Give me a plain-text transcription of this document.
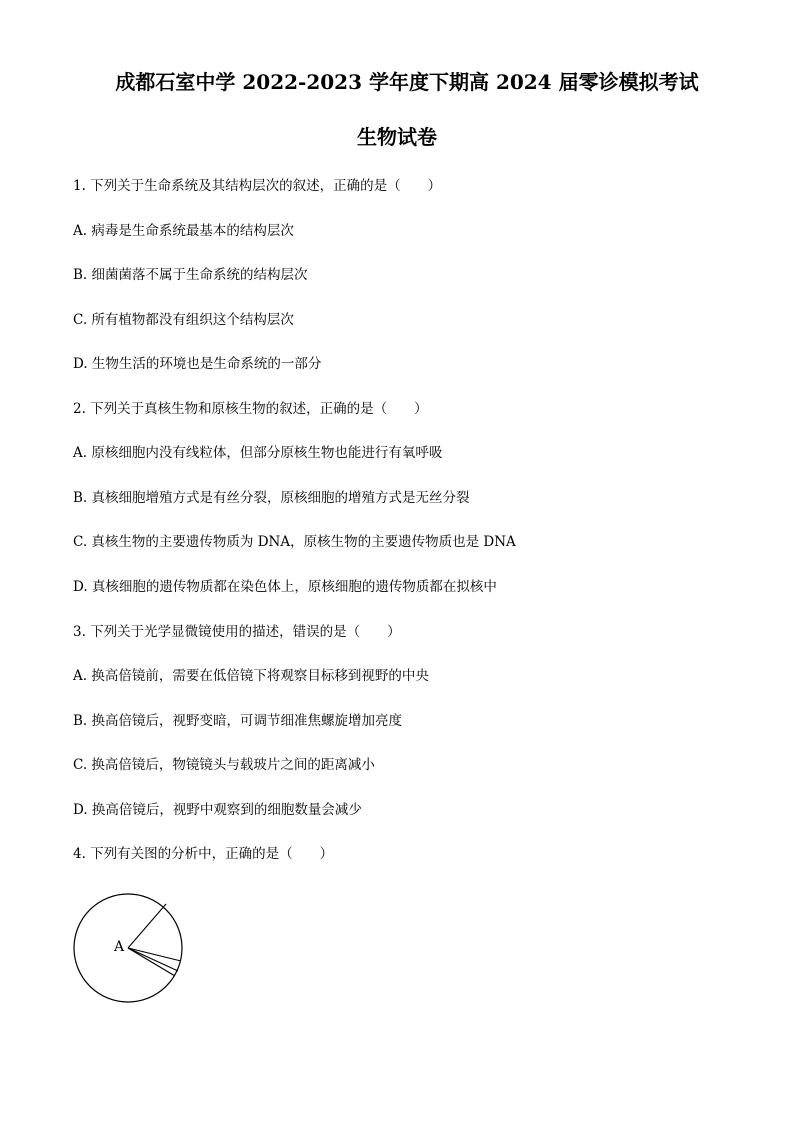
成都石室中学 2022-2023 学年度下期高 2024 届零诊模拟考试
生物试卷
1. 下列关于生命系统及其结构层次的叙述，正确的是（　　）
A. 病毒是生命系统最基本的结构层次
B. 细菌菌落不属于生命系统的结构层次
C. 所有植物都没有组织这个结构层次
D. 生物生活的环境也是生命系统的一部分
2. 下列关于真核生物和原核生物的叙述，正确的是（　　）
A. 原核细胞内没有线粒体，但部分原核生物也能进行有氧呼吸
B. 真核细胞增殖方式是有丝分裂，原核细胞的增殖方式是无丝分裂
C. 真核生物的主要遗传物质为 DNA，原核生物的主要遗传物质也是 DNA
D. 真核细胞的遗传物质都在染色体上，原核细胞的遗传物质都在拟核中
3. 下列关于光学显微镜使用的描述，错误的是（　　）
A. 换高倍镜前，需要在低倍镜下将观察目标移到视野的中央
B. 换高倍镜后，视野变暗，可调节细准焦螺旋增加亮度
C. 换高倍镜后，物镜镜头与载玻片之间的距离减小
D. 换高倍镜后，视野中观察到的细胞数量会减少
4. 下列有关图的分析中，正确的是（　　）
A
